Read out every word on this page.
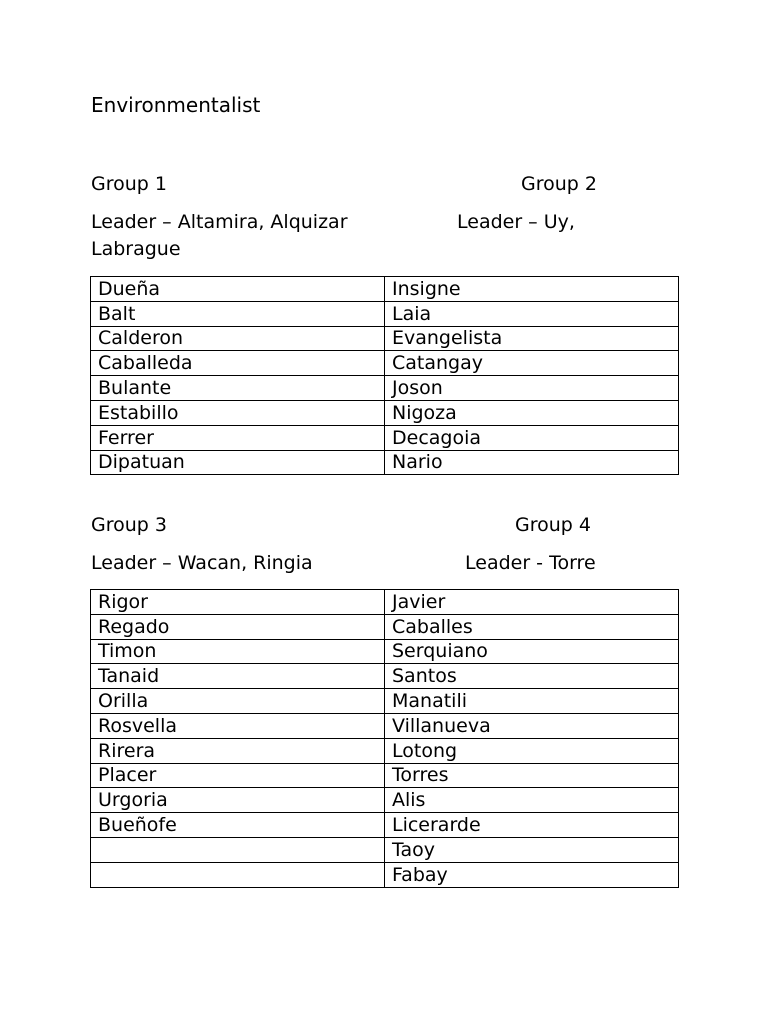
Environmentalist
Group 1	Group 2
Leader – Altamira, Alquizar	Leader – Uy,
Labrague
Dueña	Insigne
Balt	Laia
Calderon	Evangelista
Caballeda	Catangay
Bulante	Joson
Estabillo	Nigoza
Ferrer	Decagoia
Dipatuan	Nario
Group 3	Group 4
Leader – Wacan, Ringia	Leader - Torre
Rigor	Javier
Regado	Caballes
Timon	Serquiano
Tanaid	Santos
Orilla	Manatili
Rosvella	Villanueva
Rirera	Lotong
Placer	Torres
Urgoria	Alis
Bueñofe	Licerarde
	Taoy
	Fabay
